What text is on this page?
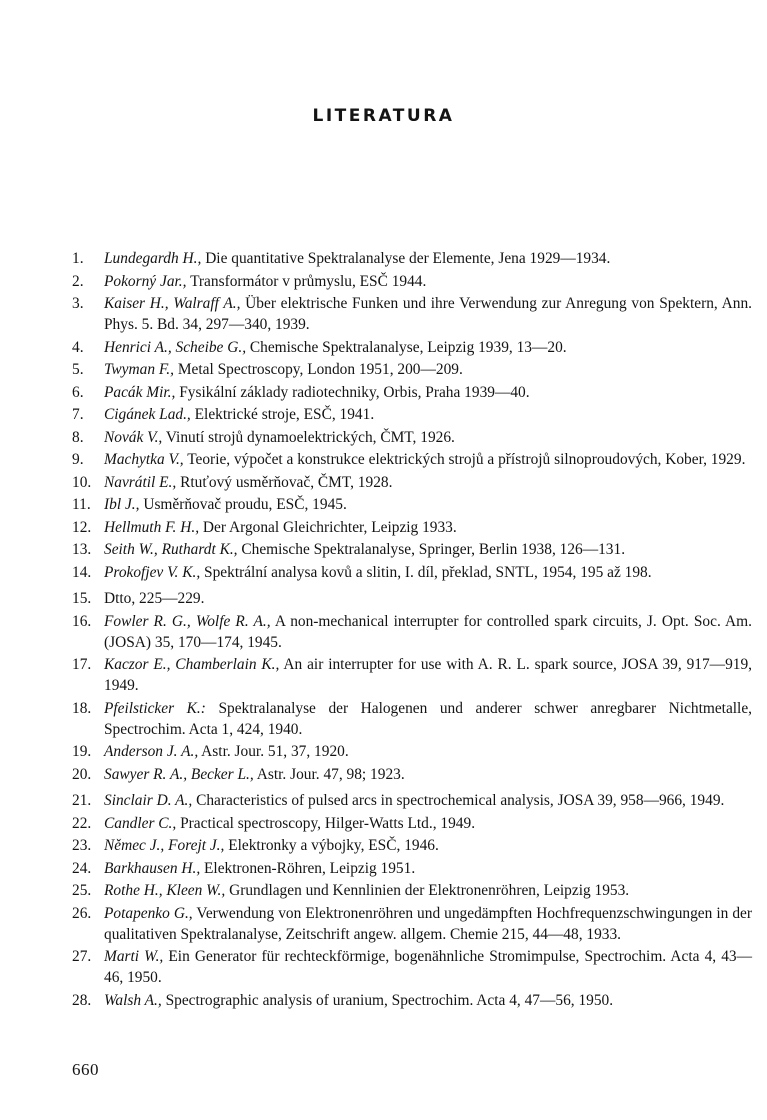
LITERATURA
1.	Lundegardh H., Die quantitative Spektralanalyse der Elemente, Jena 1929—1934.
2.	Pokorný Jar., Transformátor v průmyslu, ESČ 1944.
3.	Kaiser H., Walraff A., Über elektrische Funken und ihre Verwendung zur Anregung von Spektern, Ann. Phys. 5. Bd. 34, 297—340, 1939.
4.	Henrici A., Scheibe G., Chemische Spektralanalyse, Leipzig 1939, 13—20.
5.	Twyman F., Metal Spectroscopy, London 1951, 200—209.
6.	Pacák Mir., Fysikální základy radiotechniky, Orbis, Praha 1939—40.
7.	Cigánek Lad., Elektrické stroje, ESČ, 1941.
8.	Novák V., Vinutí strojů dynamoelektrických, ČMT, 1926.
9.	Machytka V., Teorie, výpočet a konstrukce elektrických strojů a přístrojů silnoproudových, Kober, 1929.
10. Navrátil E., Rtuťový usměrňovač, ČMT, 1928.
11. Ibl J., Usměrňovač proudu, ESČ, 1945.
12. Hellmuth F. H., Der Argonal Gleichrichter, Leipzig 1933.
13. Seith W., Ruthardt K., Chemische Spektralanalyse, Springer, Berlin 1938, 126—131.
14. Prokofjev V. K., Spektrální analysa kovů a slitin, I. díl, překlad, SNTL, 1954, 195 až 198.
15. Dtto, 225—229.
16. Fowler R. G., Wolfe R. A., A non-mechanical interrupter for controlled spark circuits, J. Opt. Soc. Am. (JOSA) 35, 170—174, 1945.
17. Kaczor E., Chamberlain K., An air interrupter for use with A. R. L. spark source, JOSA 39, 917—919, 1949.
18. Pfeilsticker K.: Spektralanalyse der Halogenen und anderer schwer anregbarer Nichtmetalle, Spectrochim. Acta 1, 424, 1940.
19. Anderson J. A., Astr. Jour. 51, 37, 1920.
20. Sawyer R. A., Becker L., Astr. Jour. 47, 98; 1923.
21. Sinclair D. A., Characteristics of pulsed arcs in spectrochemical analysis, JOSA 39, 958—966, 1949.
22. Candler C., Practical spectroscopy, Hilger-Watts Ltd., 1949.
23. Němec J., Forejt J., Elektronky a výbojky, ESČ, 1946.
24. Barkhausen H., Elektronen-Röhren, Leipzig 1951.
25. Rothe H., Kleen W., Grundlagen und Kennlinien der Elektronenröhren, Leipzig 1953.
26. Potapenko G., Verwendung von Elektronenröhren und ungedämpften Hochfrequenzschwingungen in der qualitativen Spektralanalyse, Zeitschrift angew. allgem. Chemie 215, 44—48, 1933.
27. Marti W., Ein Generator für rechteckförmige, bogenähnliche Stromimpulse, Spectrochim. Acta 4, 43—46, 1950.
28. Walsh A., Spectrographic analysis of uranium, Spectrochim. Acta 4, 47—56, 1950.
660
